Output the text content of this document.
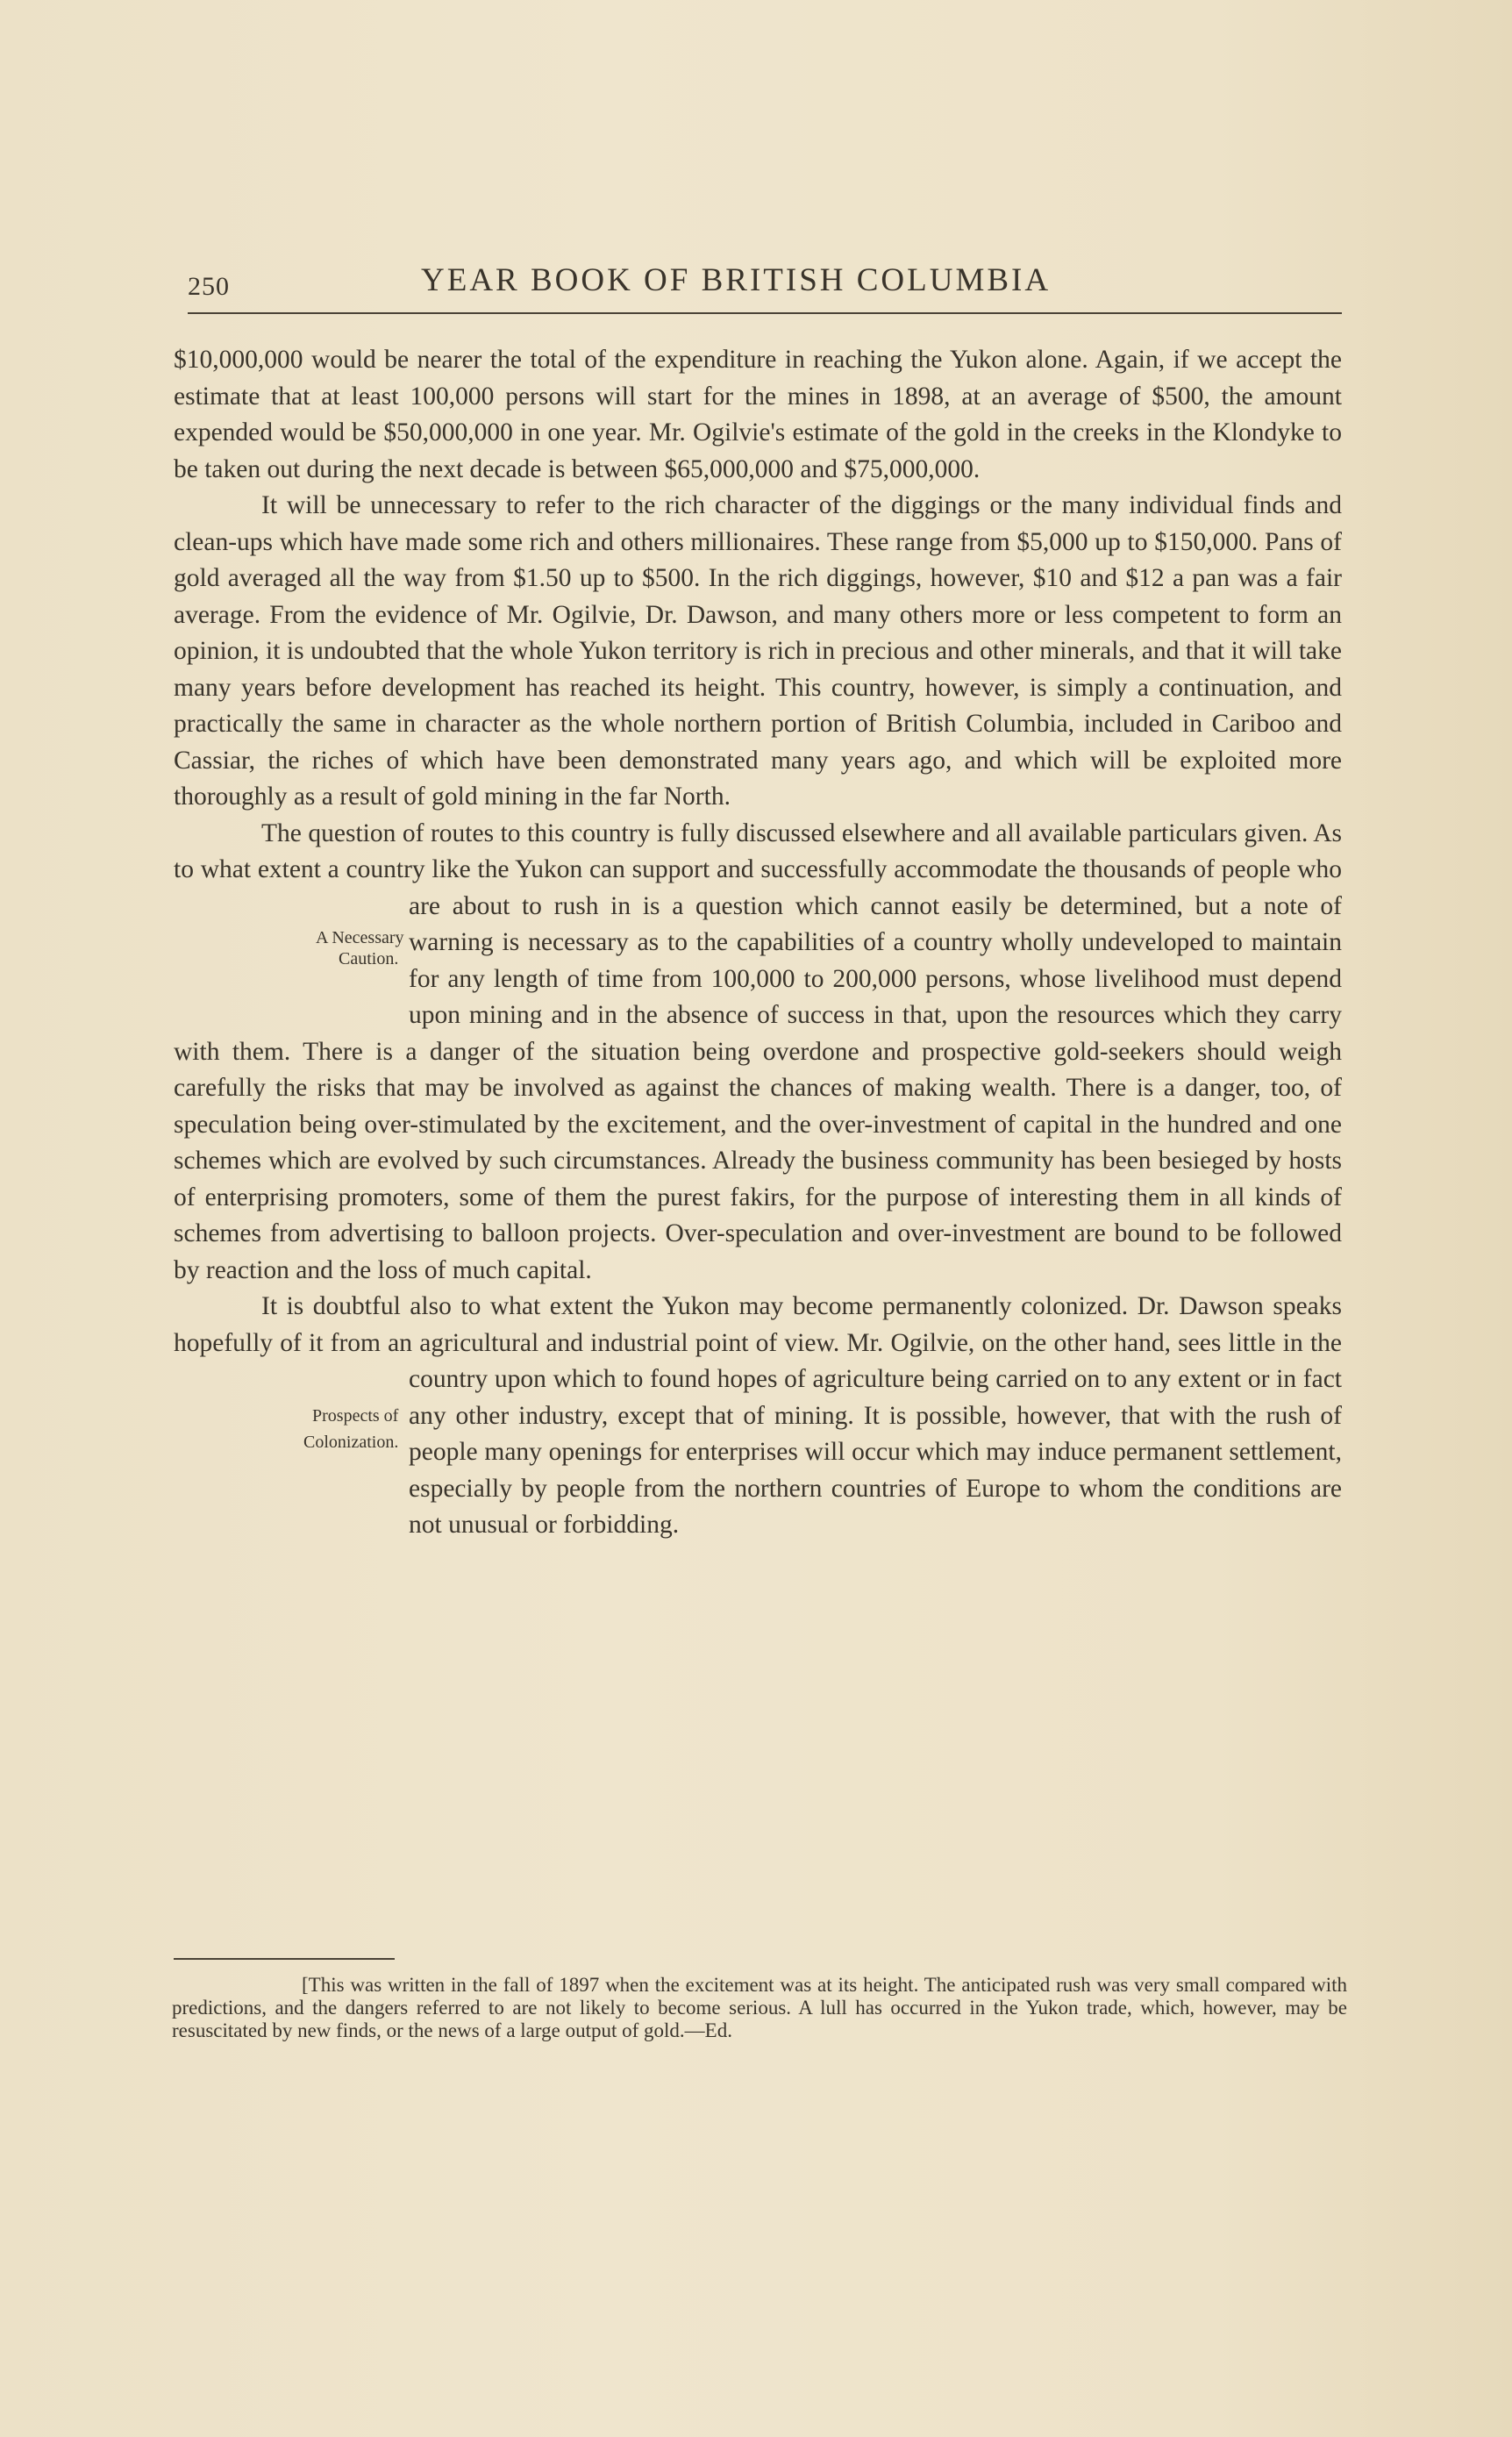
250	YEAR BOOK OF BRITISH COLUMBIA

$10,000,000 would be nearer the total of the expenditure in reaching the Yukon alone. Again, if we accept the estimate that at least 100,000 persons will start for the mines in 1898, at an average of $500, the amount expended would be $50,000,000 in one year. Mr. Ogilvie's estimate of the gold in the creeks in the Klondyke to be taken out during the next decade is between $65,000,000 and $75,000,000.

It will be unnecessary to refer to the rich character of the diggings or the many individual finds and clean-ups which have made some rich and others millionaires. These range from $5,000 up to $150,000. Pans of gold averaged all the way from $1.50 up to $500. In the rich diggings, however, $10 and $12 a pan was a fair average. From the evidence of Mr. Ogilvie, Dr. Dawson, and many others more or less competent to form an opinion, it is undoubted that the whole Yukon territory is rich in precious and other minerals, and that it will take many years before development has reached its height. This country, however, is simply a continuation, and practically the same in character as the whole northern portion of British Columbia, included in Cariboo and Cassiar, the riches of which have been demonstrated many years ago, and which will be exploited more thoroughly as a result of gold mining in the far North.

The question of routes to this country is fully discussed elsewhere and all available particulars given. As to what extent a country like the Yukon can support and successfully accommodate the thousands of people who are about to
A Necessary
Caution.
rush in is a question which cannot easily be determined, but a note of warning is necessary as to the capabilities of a country wholly undeveloped to maintain for any length of time from 100,000 to 200,000 persons, whose livelihood must depend upon mining and in the absence of success in that, upon the resources which they carry with them. There is a danger of the situation being overdone and prospective gold-seekers should weigh carefully the risks that may be involved as against the chances of making wealth. There is a danger, too, of speculation being over-stimulated by the excitement, and the over-investment of capital in the hundred and one schemes which are evolved by such circumstances. Already the business community has been besieged by hosts of enterprising promoters, some of them the purest fakirs, for the purpose of interesting them in all kinds of schemes from advertising to balloon projects. Over-speculation and over-investment are bound to be followed by reaction and the loss of much capital.

It is doubtful also to what extent the Yukon may become permanently colonized. Dr. Dawson speaks hopefully of it from an agricultural and industrial point of view. Mr. Ogilvie, on the other hand, sees little in the country upon
Prospects of
Colonization.
which to found hopes of agriculture being carried on to any extent or in fact any other industry, except that of mining. It is possible, however, that with the rush of people many openings for enterprises will occur which may induce permanent settlement, especially by people from the northern countries of Europe to whom the conditions are not unusual or forbidding.

[This was written in the fall of 1897 when the excitement was at its height. The anticipated rush was very small compared with predictions, and the dangers referred to are not likely to become serious. A lull has occurred in the Yukon trade, which, however, may be resuscitated by new finds, or the news of a large output of gold.—Ed.
